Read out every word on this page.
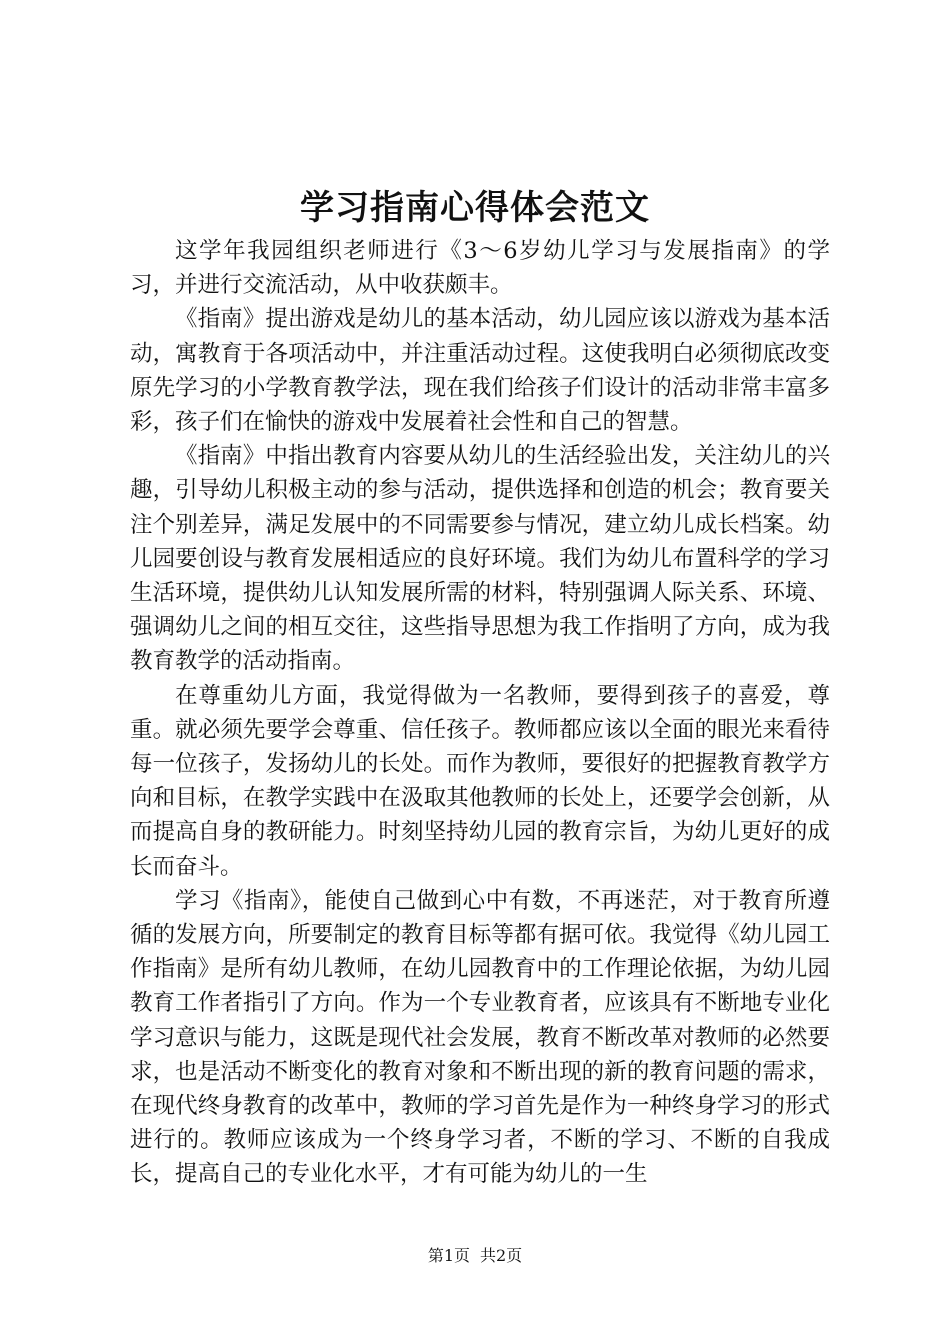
学习指南心得体会范文

这学年我园组织老师进行《3～6岁幼儿学习与发展指南》的学习，并进行交流活动，从中收获颇丰。

《指南》提出游戏是幼儿的基本活动，幼儿园应该以游戏为基本活动，寓教育于各项活动中，并注重活动过程。这使我明白必须彻底改变原先学习的小学教育教学法，现在我们给孩子们设计的活动非常丰富多彩，孩子们在愉快的游戏中发展着社会性和自己的智慧。

《指南》中指出教育内容要从幼儿的生活经验出发，关注幼儿的兴趣，引导幼儿积极主动的参与活动，提供选择和创造的机会；教育要关注个别差异，满足发展中的不同需要参与情况，建立幼儿成长档案。幼儿园要创设与教育发展相适应的良好环境。我们为幼儿布置科学的学习生活环境，提供幼儿认知发展所需的材料，特别强调人际关系、环境、强调幼儿之间的相互交往，这些指导思想为我工作指明了方向，成为我教育教学的活动指南。

在尊重幼儿方面，我觉得做为一名教师，要得到孩子的喜爱，尊重。就必须先要学会尊重、信任孩子。教师都应该以全面的眼光来看待每一位孩子，发扬幼儿的长处。而作为教师，要很好的把握教育教学方向和目标，在教学实践中在汲取其他教师的长处上，还要学会创新，从而提高自身的教研能力。时刻坚持幼儿园的教育宗旨，为幼儿更好的成长而奋斗。

学习《指南》，能使自己做到心中有数，不再迷茫，对于教育所遵循的发展方向，所要制定的教育目标等都有据可依。我觉得《幼儿园工作指南》是所有幼儿教师，在幼儿园教育中的工作理论依据，为幼儿园教育工作者指引了方向。作为一个专业教育者，应该具有不断地专业化学习意识与能力，这既是现代社会发展，教育不断改革对教师的必然要求，也是活动不断变化的教育对象和不断出现的新的教育问题的需求，在现代终身教育的改革中，教师的学习首先是作为一种终身学习的形式进行的。教师应该成为一个终身学习者，不断的学习、不断的自我成长，提高自己的专业化水平，才有可能为幼儿的一生

第1页 共2页
